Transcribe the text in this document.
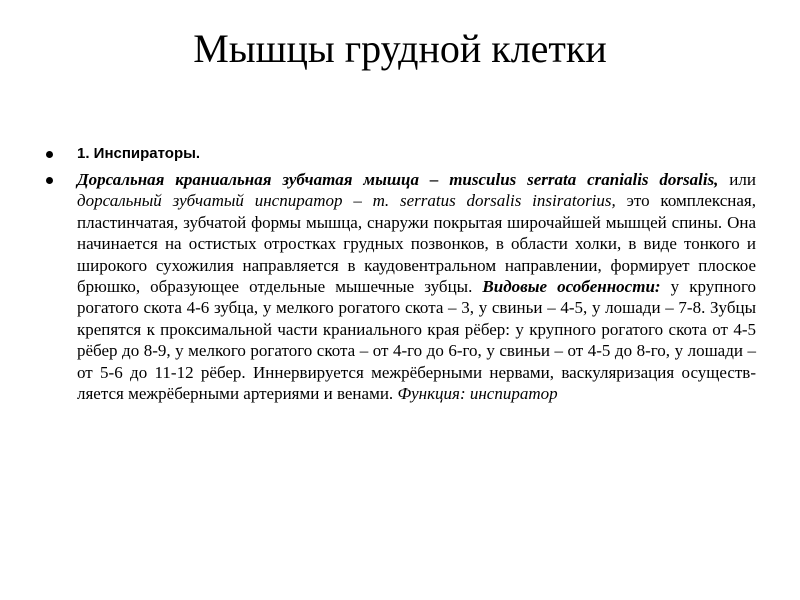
Мышцы грудной клетки
1. Инспираторы.
Дорсальная краниальная зубчатая мышца – musculus serrata cranialis dorsalis, или дорсальный зубчатый инспиратор – m. serratus dorsalis insiratorius, это комплексная, пластинчатая, зубчатой формы мышца, снаружи покрытая широчайшей мышцей спины. Она начинается на остистых отростках грудных позвонков, в области холки, в виде тонкого и широкого сухожилия направляется в каудовентральном направлении, формирует плоское брюшко, образующее отдельные мышечные зубцы. Видовые особенности: у крупного рогатого скота 4-6 зубца, у мелкого рогатого скота – 3, у свиньи – 4-5, у лошади – 7-8. Зубцы крепятся к проксимальной части краниального края рёбер: у крупного рогатого скота от 4-5 рёбер до 8-9, у мелкого рогатого скота – от 4-го до 6-го, у свиньи – от 4-5 до 8-го, у лошади – от 5-6 до 11-12 рёбер. Иннервируется межрёберными нервами, васкуляризация осуществ-ляется межрёберными артериями и венами. Функция: инспиратор
